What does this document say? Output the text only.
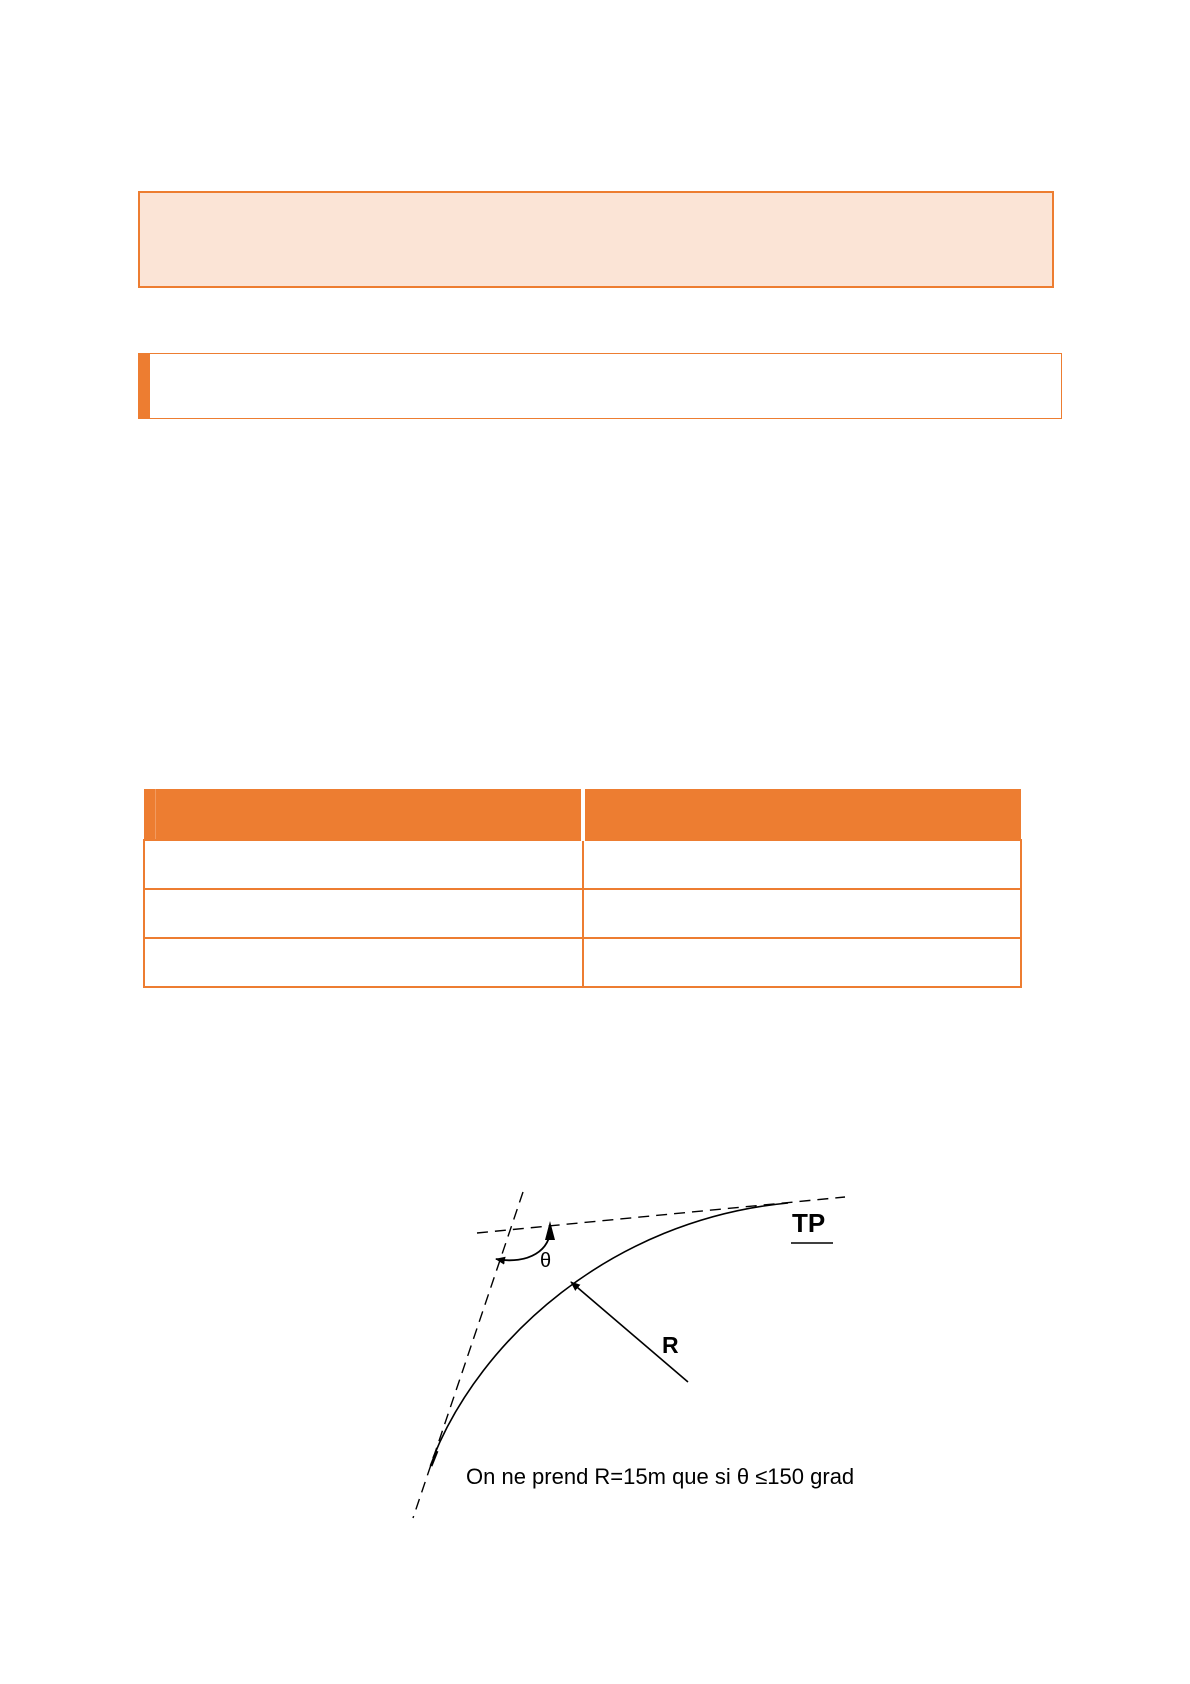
θ
R
TP
On ne prend R=15m que si θ ≤150 grad
